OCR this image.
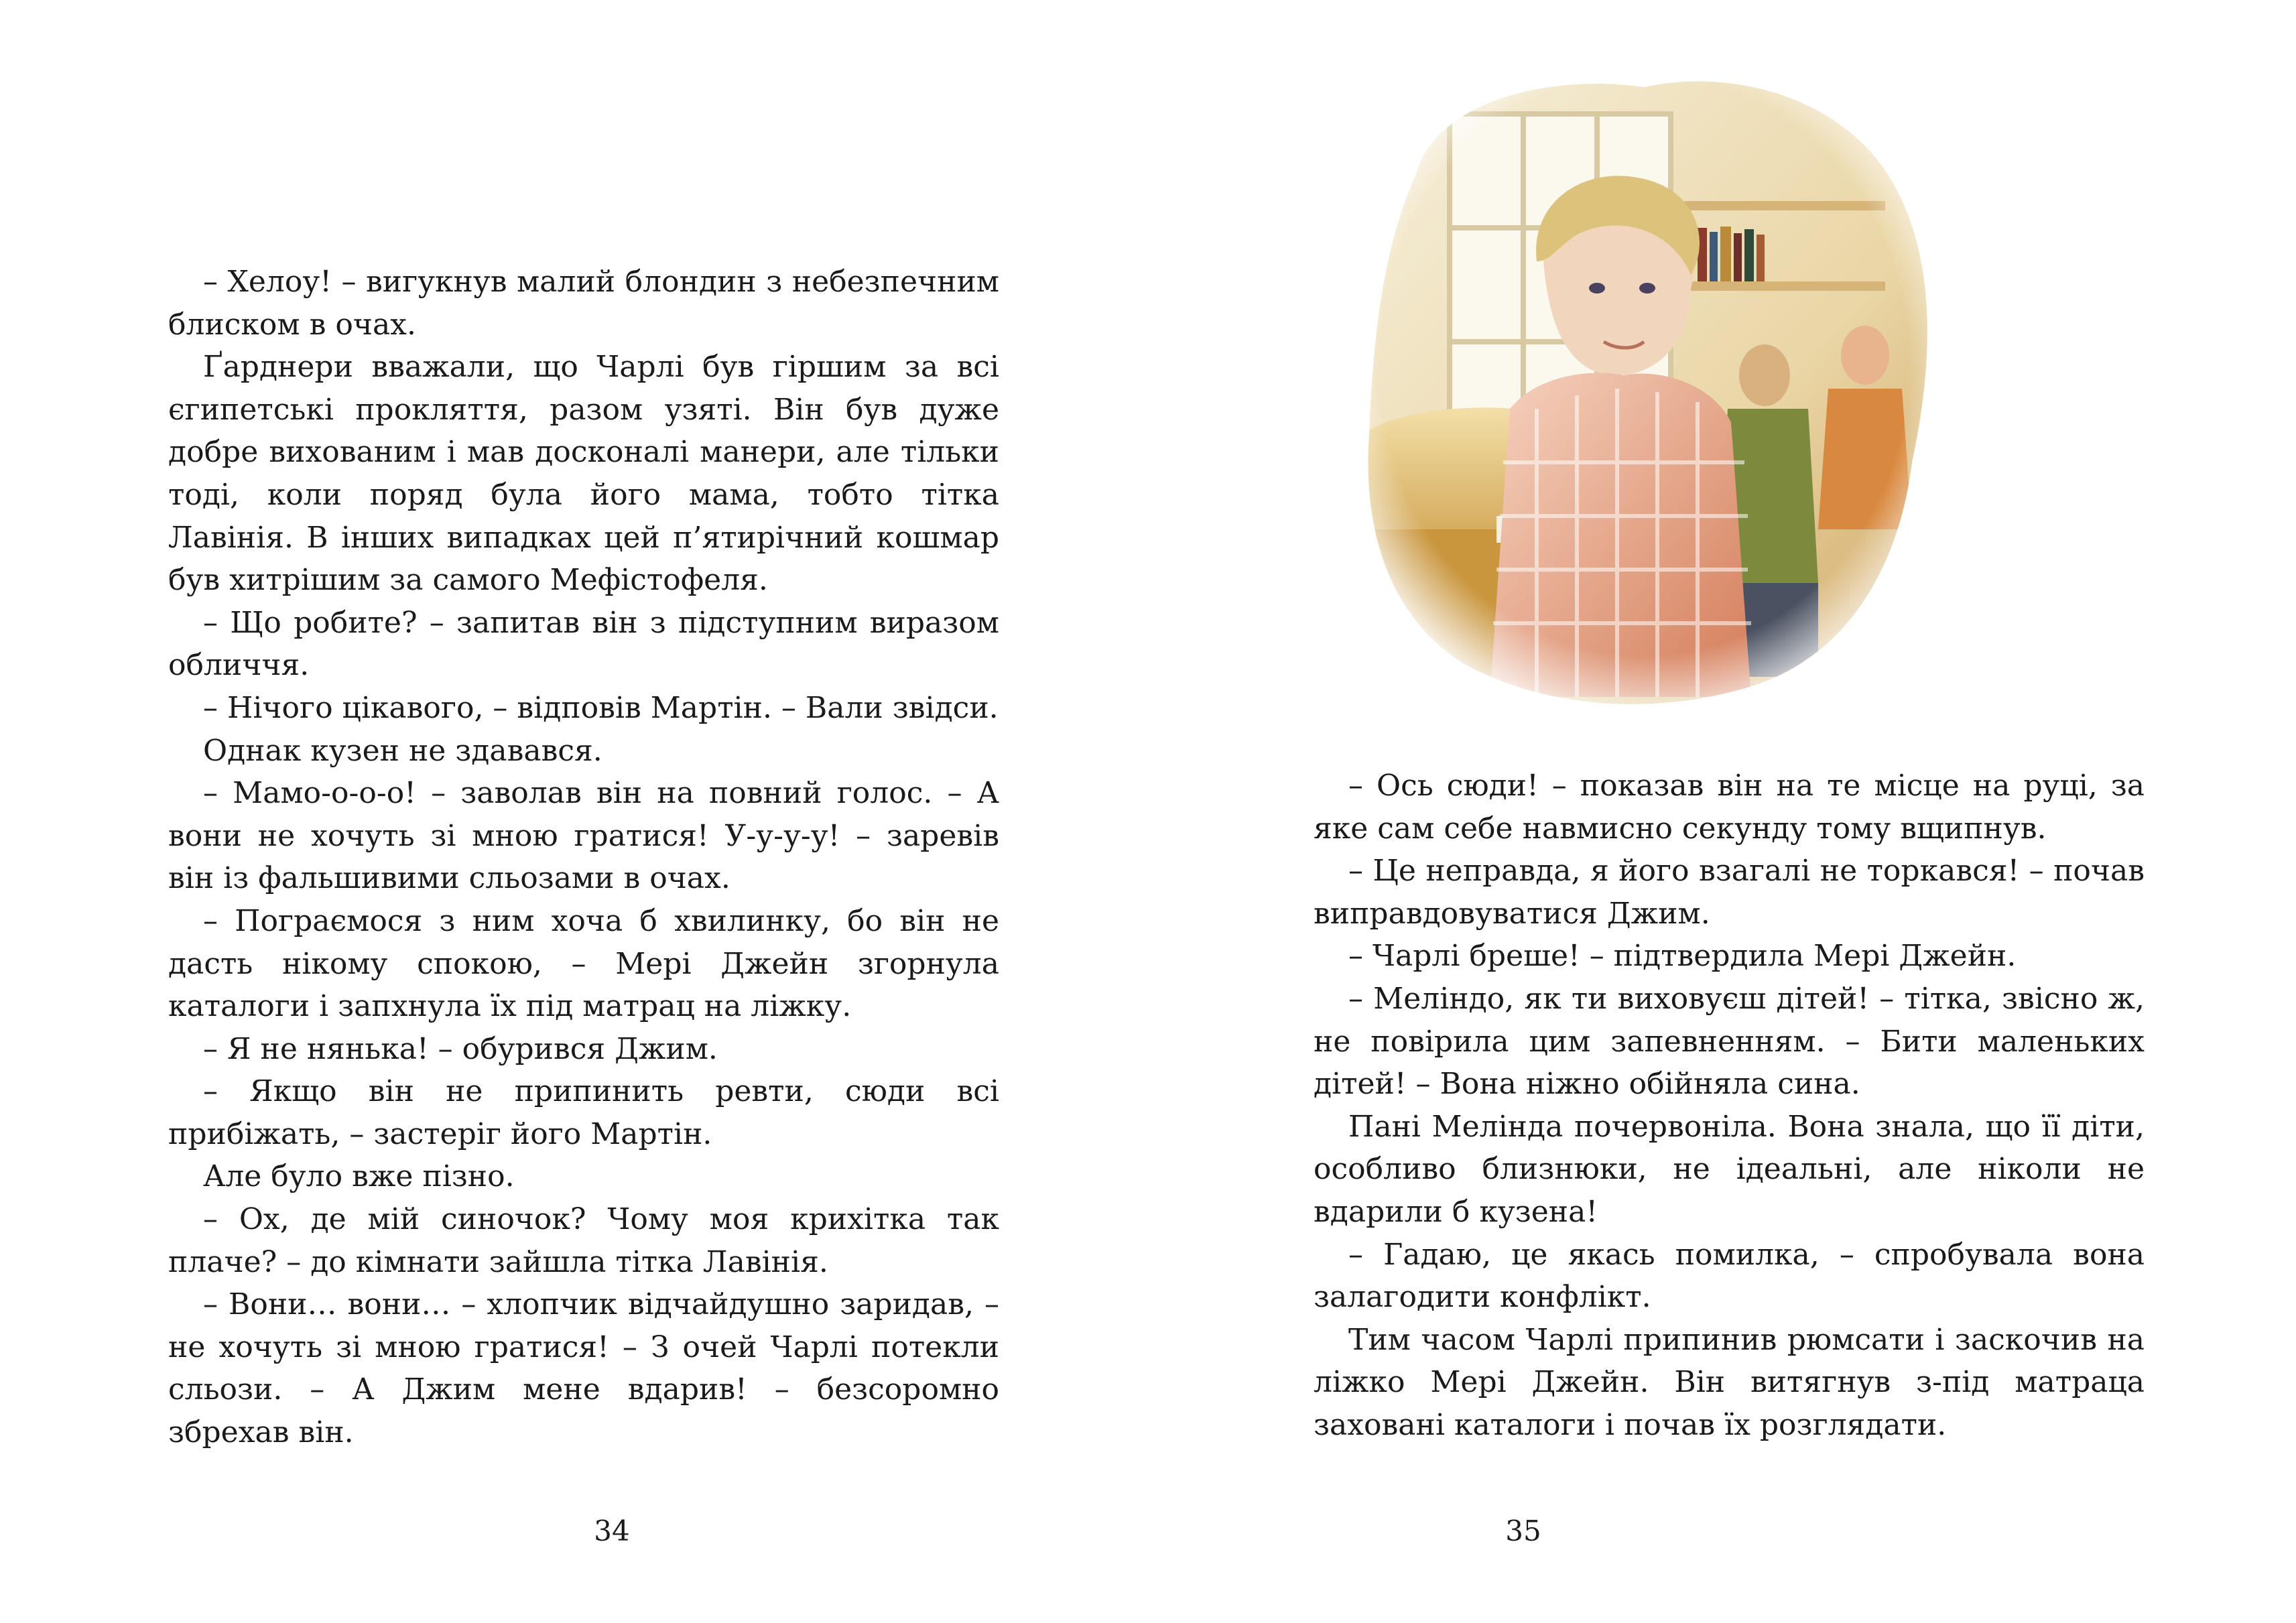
– Хелоу! – вигукнув малий блондин з небезпечним блиском в очах.

Ґарднери вважали, що Чарлі був гіршим за всі єгипетські прокляття, разом узяті. Він був дуже добре вихованим і мав досконалі манери, але тільки тоді, коли поряд була його мама, тобто тітка Лавінія. В інших випадках цей п’ятирічний кошмар був хитрішим за самого Мефістофеля.

– Що робите? – запитав він з підступним виразом обличчя.

– Нічого цікавого, – відповів Мартін. – Вали звідси.

Однак кузен не здавався.

– Мамо-о-о-о! – заволав він на повний голос. – А вони не хочуть зі мною гратися! У-у-у-у! – заревів він із фальшивими сльозами в очах.

– Пограємося з ним хоча б хвилинку, бо він не дасть нікому спокою, – Мері Джейн згорнула каталоги і запхнула їх під матрац на ліжку.

– Я не нянька! – обурився Джим.

– Якщо він не припинить ревти, сюди всі прибіжать, – застеріг його Мартін.

Але було вже пізно.

– Ох, де мій синочок? Чому моя крихітка так плаче? – до кімнати зайшла тітка Лавінія.

– Вони… вони… – хлопчик відчайдушно заридав, – не хочуть зі мною гратися! – З очей Чарлі потекли сльози. – А Джим мене вдарив! – безсоромно збрехав він.

34

– Ось сюди! – показав він на те місце на руці, за яке сам себе навмисно секунду тому вщипнув.

– Це неправда, я його взагалі не торкався! – почав виправдовуватися Джим.

– Чарлі бреше! – підтвердила Мері Джейн.

– Меліндо, як ти виховуєш дітей! – тітка, звісно ж, не повірила цим запевненням. – Бити маленьких дітей! – Вона ніжно обійняла сина.

Пані Мелінда почервоніла. Вона знала, що її діти, особливо близнюки, не ідеальні, але ніколи не вдарили б кузена!

– Гадаю, це якась помилка, – спробувала вона залагодити конфлікт.

Тим часом Чарлі припинив рюмсати і заскочив на ліжко Мері Джейн. Він витягнув з-під матраца заховані каталоги і почав їх розглядати.

35
